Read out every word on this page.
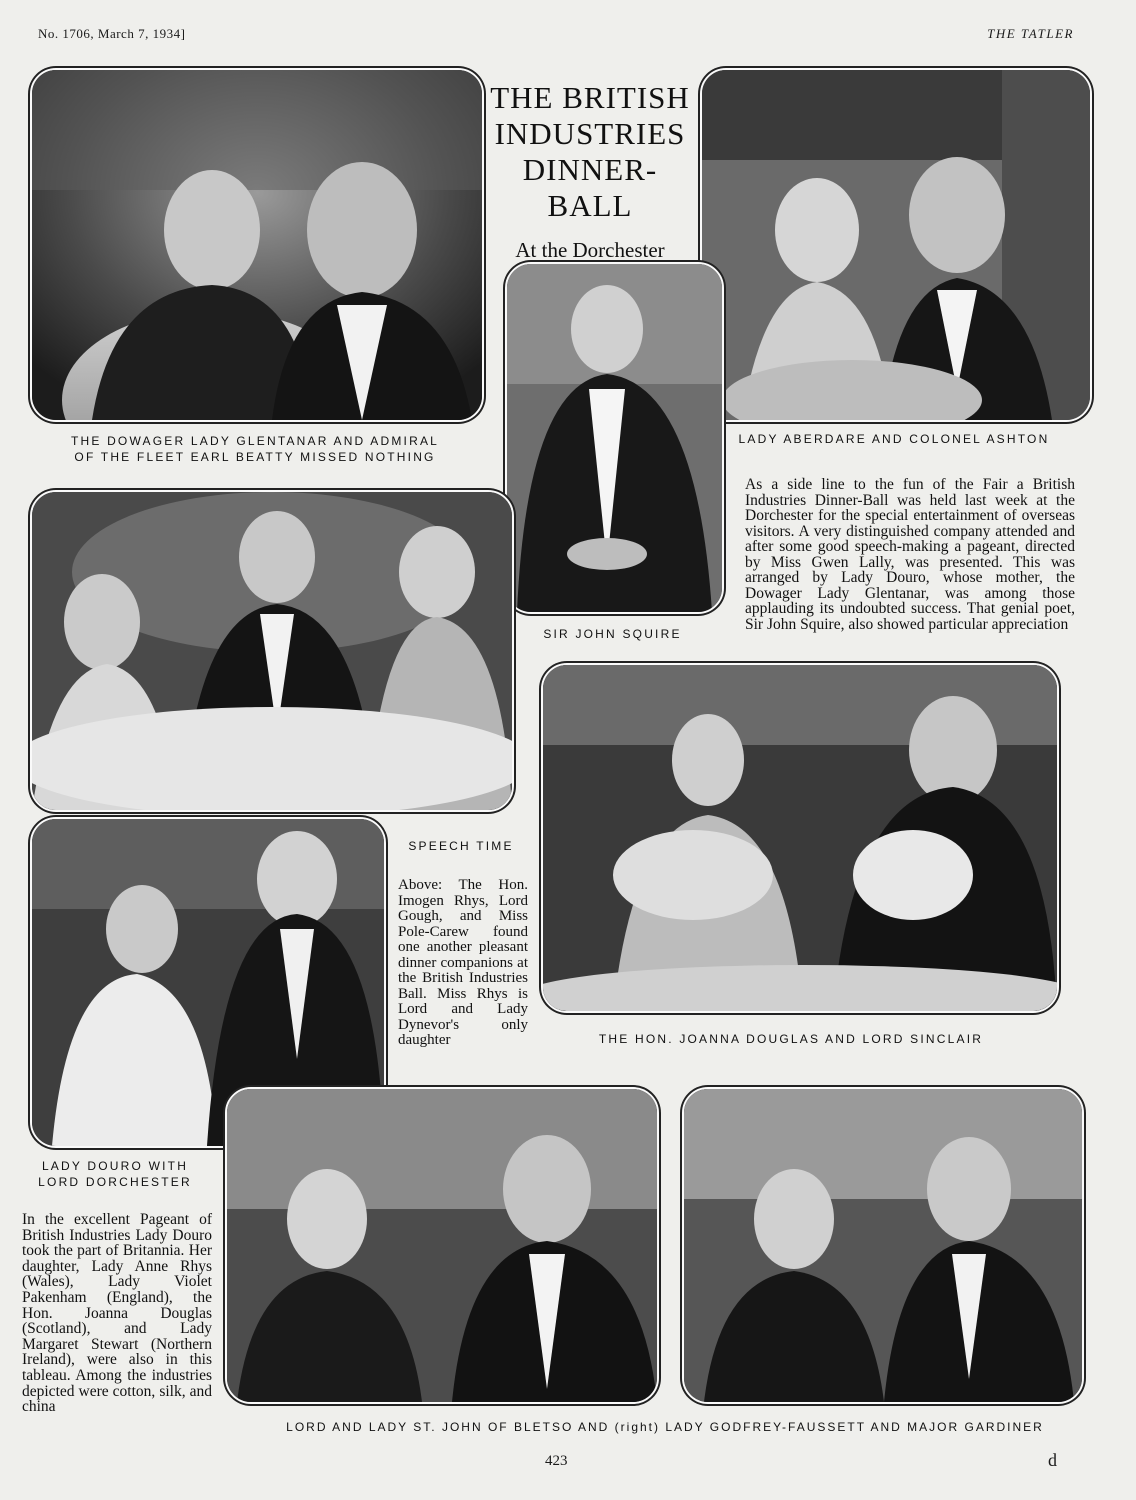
No. 1706, March 7, 1934]	THE TATLER
THE BRITISH
INDUSTRIES
DINNER-BALL
At the Dorchester
THE DOWAGER LADY GLENTANAR AND ADMIRAL
OF THE FLEET EARL BEATTY MISSED NOTHING
LADY ABERDARE AND COLONEL ASHTON
SIR JOHN SQUIRE
As a side line to the fun of the Fair a British Industries Dinner-Ball was held last week at the Dorchester for the special entertainment of overseas visitors. A very distinguished company attended and after some good speech-making a pageant, directed by Miss Gwen Lally, was presented. This was arranged by Lady Douro, whose mother, the Dowager Lady Glentanar, was among those applauding its undoubted success. That genial poet, Sir John Squire, also showed particular appreciation
SPEECH TIME
Above: The Hon. Imogen Rhys, Lord Gough, and Miss Pole-Carew found one another pleasant dinner companions at the British Industries Ball. Miss Rhys is Lord and Lady Dynevor's only daughter	THE HON. JOANNA DOUGLAS AND LORD SINCLAIR
LADY DOURO WITH
LORD DORCHESTER
In the excellent Pageant of British Industries Lady Douro took the part of Britannia. Her daughter, Lady Anne Rhys (Wales), Lady Violet Pakenham (England), the Hon. Joanna Douglas (Scotland), and Lady Margaret Stewart (Northern Ireland), were also in this tableau. Among the industries depicted were cotton, silk, and china
LORD AND LADY ST. JOHN OF BLETSO AND (right) LADY GODFREY-FAUSSETT AND MAJOR GARDINER
423	d
